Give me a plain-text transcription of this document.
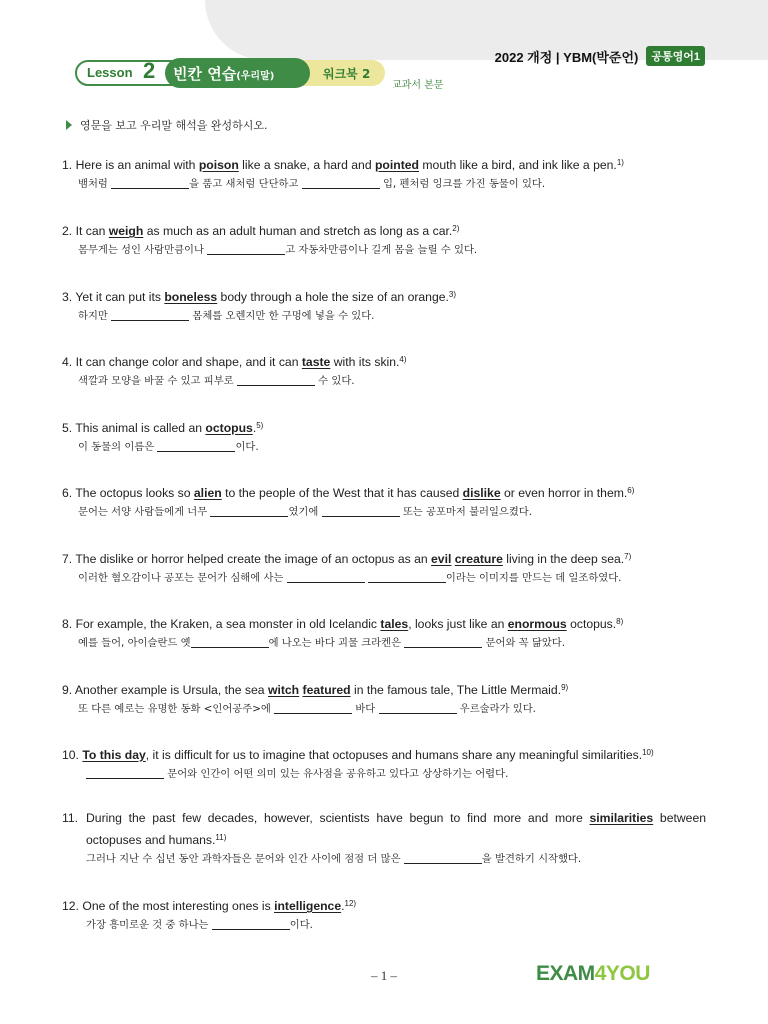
2022 개정 | YBM(박준언)	공통영어1
Lesson 2 빈칸 연습(우리말)	워크북 2
교과서 본문
영문을 보고 우리말 해석을 완성하시오.
1. Here is an animal with poison like a snake, a hard and pointed mouth like a bird, and ink like a pen.$^{1)}$
뱀처럼	을 품고 새처럼 단단하고	입, 펜처럼 잉크를 가진 동물이 있다.
2. It can weigh as much as an adult human and stretch as long as a car.$^{2)}$
몸무게는 성인 사람만큼이나	고 자동차만큼이나 길게 몸을 늘릴 수 있다.
3. Yet it can put its boneless body through a hole the size of an orange.$^{3)}$
하지만	몸체를 오렌지만 한 구멍에 넣을 수 있다.
4. It can change color and shape, and it can taste with its skin.$^{4)}$
색깔과 모양을 바꿀 수 있고 피부로	수 있다.
5. This animal is called an octopus.$^{5)}$
이 동물의 이름은	이다.
6. The octopus looks so alien to the people of the West that it has caused dislike or even horror in them.$^{6)}$
문어는 서양 사람들에게 너무	였기에	또는 공포마저 불러일으켰다.
7. The dislike or horror helped create the image of an octopus as an evil creature living in the deep sea.$^{7)}$
이러한 혐오감이나 공포는 문어가 심해에 사는	이라는 이미지를 만드는 데 일조하였다.
8. For example, the Kraken, a sea monster in old Icelandic tales, looks just like an enormous octopus.$^{8)}$
예를 들어, 아이슬란드 옛	에 나오는 바다 괴물 크라켄은	문어와 꼭 닮았다.
9. Another example is Ursula, the sea witch featured in the famous tale, The Little Mermaid.$^{9)}$
또 다른 예로는 유명한 동화 <인어공주>에	바다	우르술라가 있다.
10. To this day, it is difficult for us to imagine that octopuses and humans share any meaningful similarities.$^{10)}$
문어와 인간이 어떤 의미 있는 유사점을 공유하고 있다고 상상하기는 어렵다.
11. During the past few decades, however, scientists have begun to find more and more similarities between octopuses and humans.$^{11)}$
그러나 지난 수 십년 동안 과학자들은 문어와 인간 사이에 점점 더 많은	을 발견하기 시작했다.
12. One of the most interesting ones is intelligence.$^{12)}$
가장 흥미로운 것 중 하나는	이다.
– 1 –	EXAM4YOU
